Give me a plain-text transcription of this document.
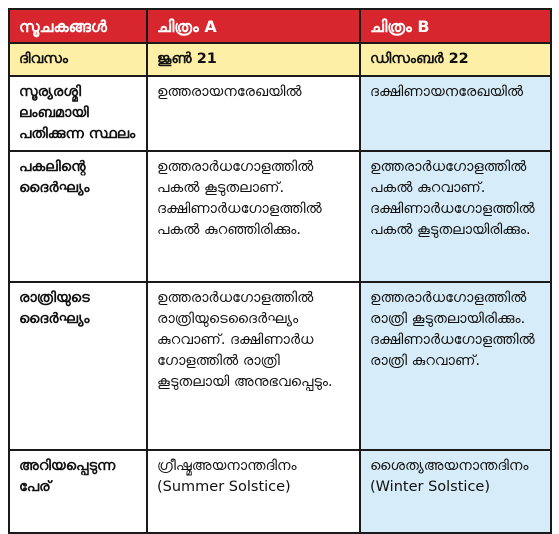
സൂചകങ്ങൾ	ചിത്രം A	ചിത്രം B
ദിവസം	ജൂൺ 21	ഡിസംബർ 22
സൂര്യരശ്മി ലംബമായി പതിക്കുന്ന സ്ഥലം	ഉത്തരായനരേഖയിൽ	ദക്ഷിണായനരേഖയിൽ
പകലിന്റെ ദൈർഘ്യം	ഉത്തരാർധഗോളത്തിൽ പകൽ കൂടുതലാണ്. ദക്ഷിണാർധഗോളത്തിൽ പകൽ കുറഞ്ഞിരിക്കും.	ഉത്തരാർധഗോളത്തിൽ പകൽ കുറവാണ്. ദക്ഷിണാർധഗോളത്തിൽ പകൽ കൂടുതലായിരിക്കും.
രാത്രിയുടെ ദൈർഘ്യം	ഉത്തരാർധഗോളത്തിൽ രാത്രിയുടെദൈർഘ്യം കുറവാണ്. ദക്ഷിണാർധ ഗോളത്തിൽ രാത്രി കൂടുതലായി അനുഭവപ്പെടും.	ഉത്തരാർധഗോളത്തിൽ രാത്രി കൂടുതലായിരിക്കും. ദക്ഷിണാർധഗോളത്തിൽ രാത്രി കുറവാണ്.
അറിയപ്പെടുന്ന പേര്	ഗ്രീഷ്മഅയനാന്തദിനം (Summer Solstice)	ശൈത്യഅയനാന്തദിനം (Winter Solstice)
